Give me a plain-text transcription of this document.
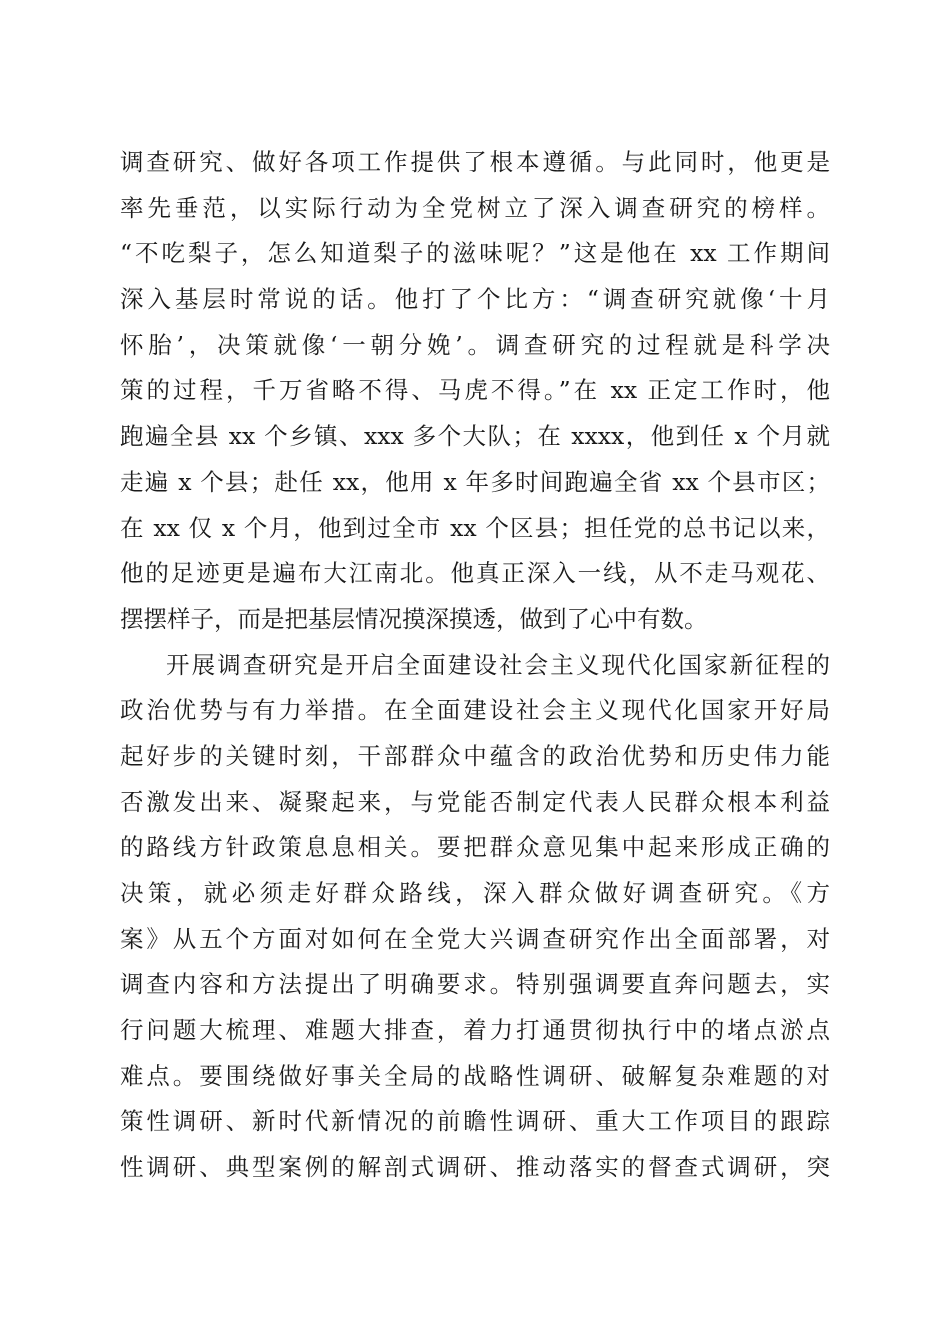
调查研究、做好各项工作提供了根本遵循。与此同时，他更是
率先垂范，以实际行动为全党树立了深入调查研究的榜样。
“不吃梨子，怎么知道梨子的滋味呢？”这是他在 xx 工作期间
深入基层时常说的话。他打了个比方：“调查研究就像‘十月
怀胎’，决策就像‘一朝分娩’。调查研究的过程就是科学决
策的过程，千万省略不得、马虎不得。”在 xx 正定工作时，他
跑遍全县 xx 个乡镇、xxx 多个大队；在 xxxx，他到任 x 个月就
走遍 x 个县；赴任 xx，他用 x 年多时间跑遍全省 xx 个县市区；
在 xx 仅 x 个月，他到过全市 xx 个区县；担任党的总书记以来，
他的足迹更是遍布大江南北。他真正深入一线，从不走马观花、
摆摆样子，而是把基层情况摸深摸透，做到了心中有数。
开展调查研究是开启全面建设社会主义现代化国家新征程的
政治优势与有力举措。在全面建设社会主义现代化国家开好局
起好步的关键时刻，干部群众中蕴含的政治优势和历史伟力能
否激发出来、凝聚起来，与党能否制定代表人民群众根本利益
的路线方针政策息息相关。要把群众意见集中起来形成正确的
决策，就必须走好群众路线，深入群众做好调查研究。《方
案》从五个方面对如何在全党大兴调查研究作出全面部署，对
调查内容和方法提出了明确要求。特别强调要直奔问题去，实
行问题大梳理、难题大排查，着力打通贯彻执行中的堵点淤点
难点。要围绕做好事关全局的战略性调研、破解复杂难题的对
策性调研、新时代新情况的前瞻性调研、重大工作项目的跟踪
性调研、典型案例的解剖式调研、推动落实的督查式调研，突
